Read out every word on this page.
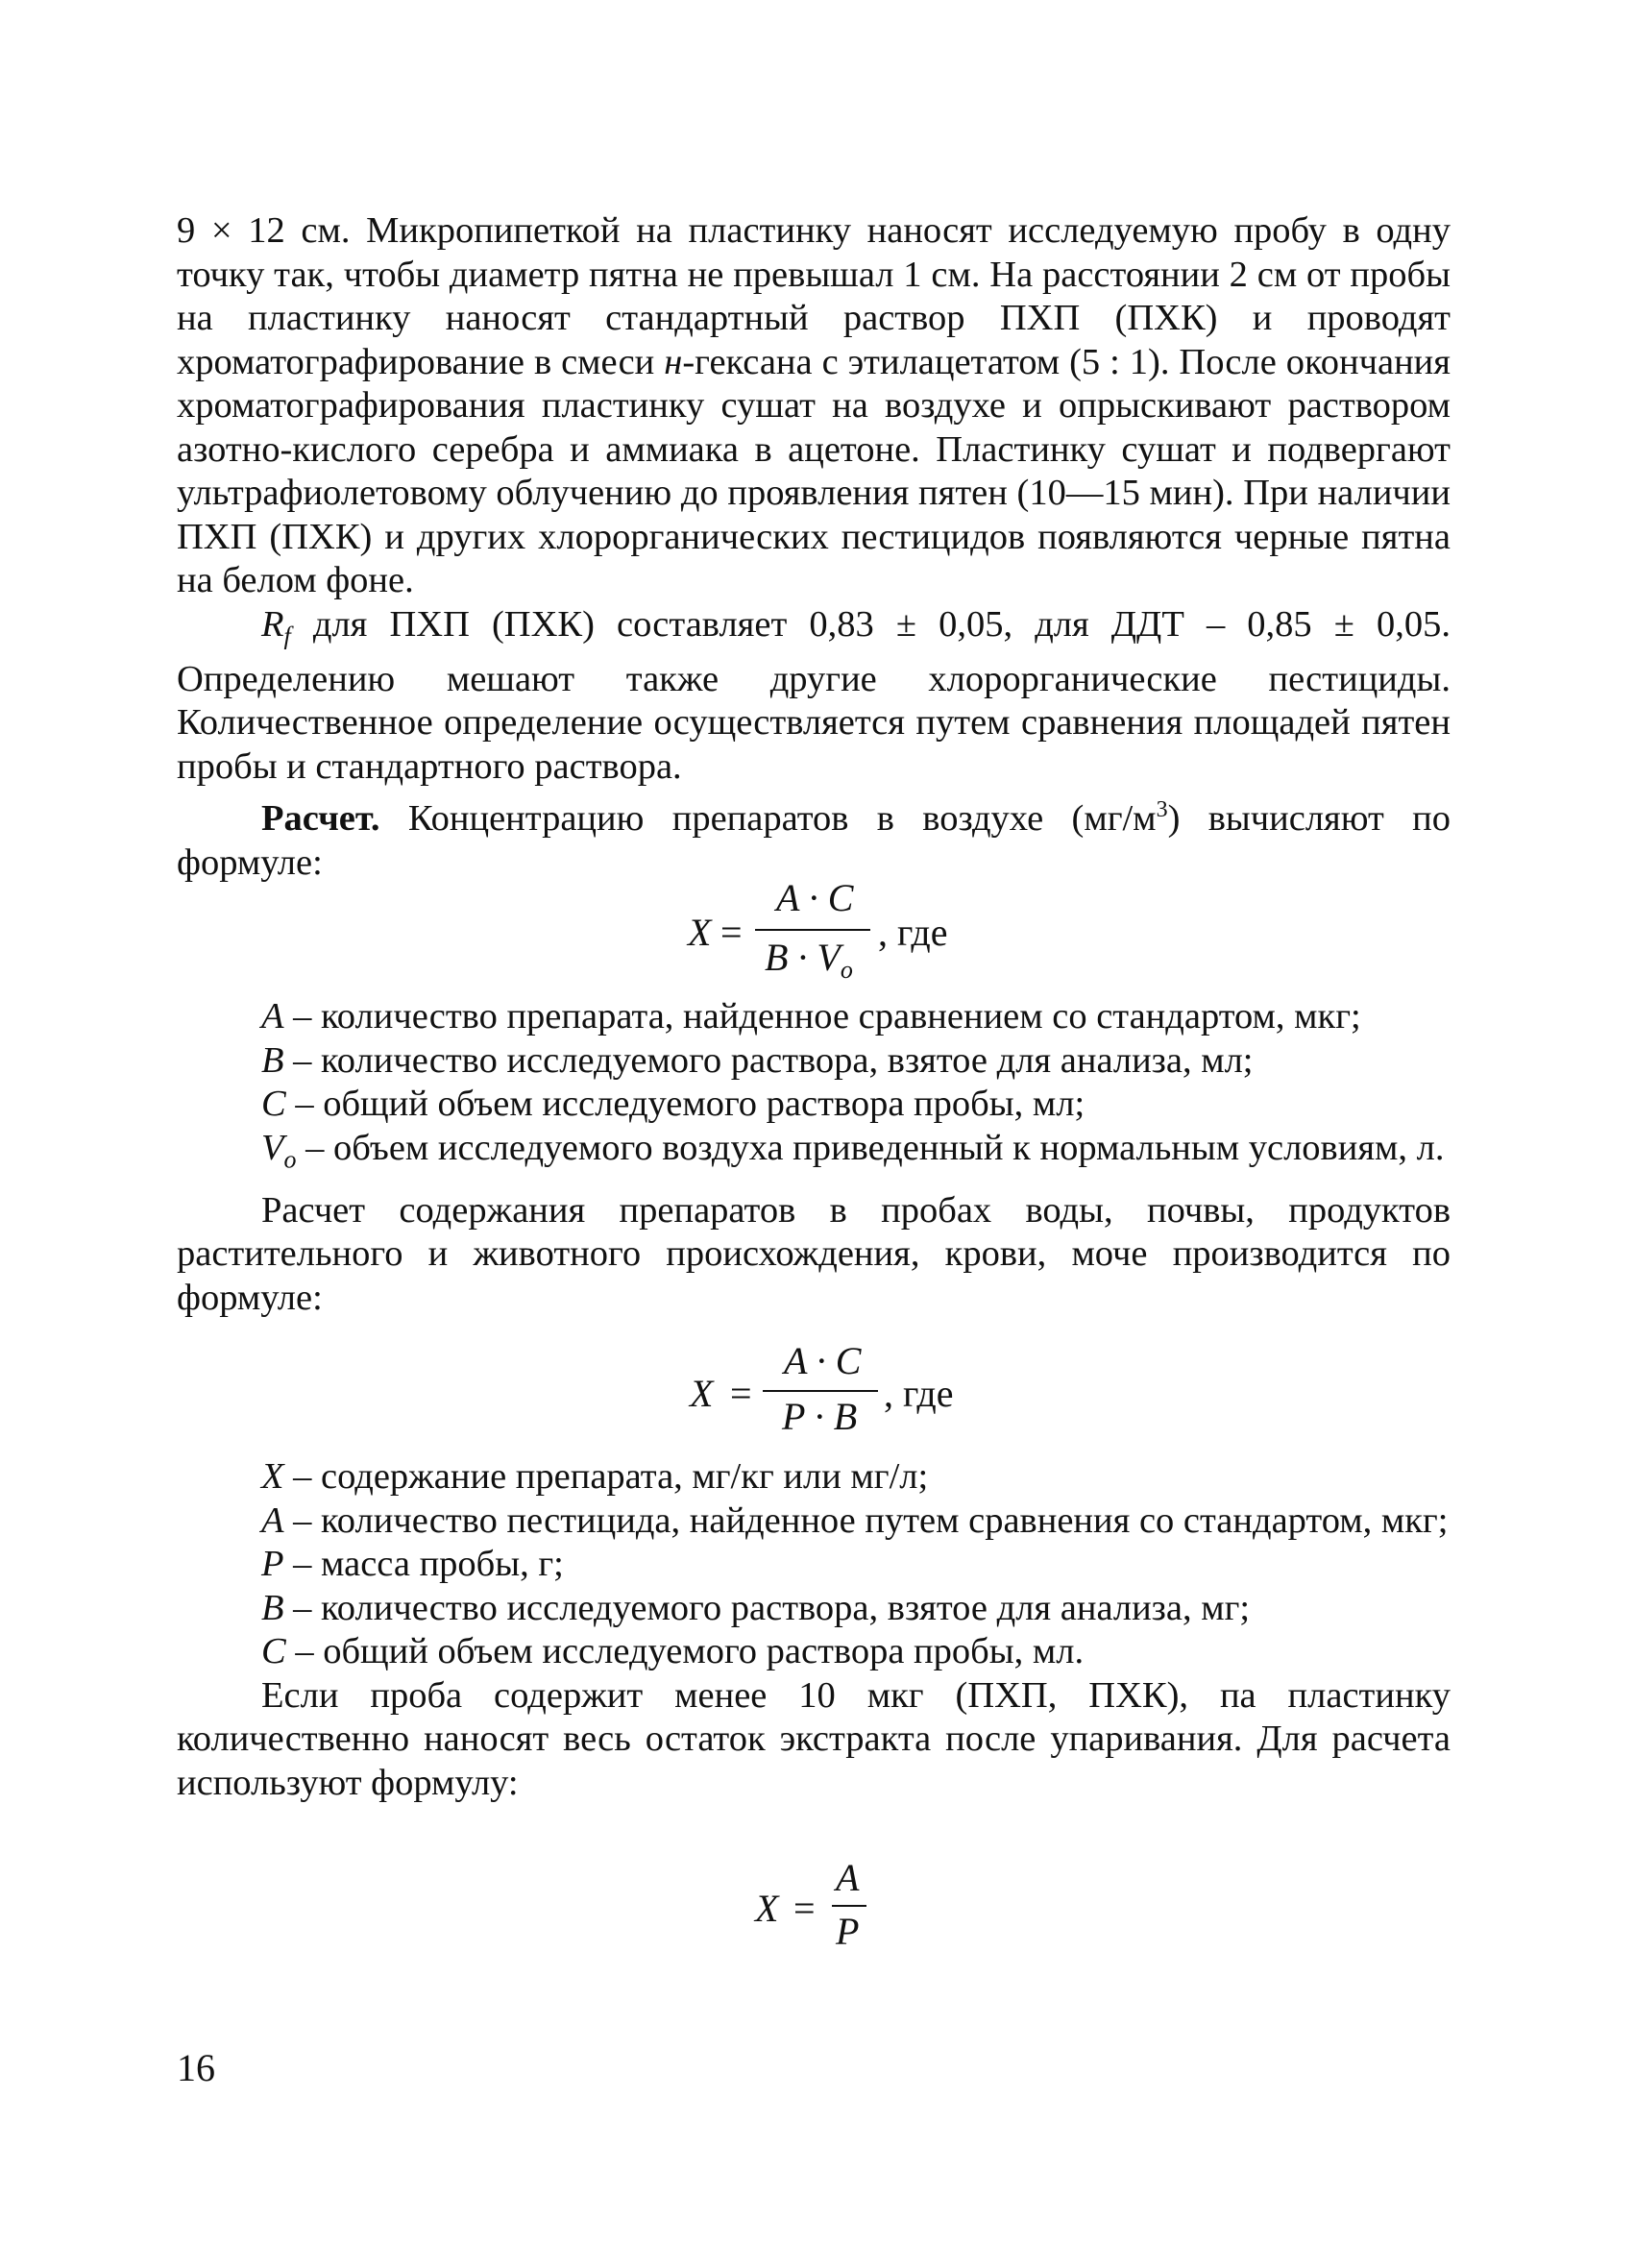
9 × 12 см. Микропипеткой на пластинку наносят исследуемую пробу в одну точку так, чтобы диаметр пятна не превышал 1 см. На расстоянии 2 см от пробы на пластинку наносят стандартный раствор ПХП (ПХК) и проводят хроматографирование в смеси н-гексана с этилацетатом (5 : 1). После окончания хроматографирования пластинку сушат на воздухе и опрыскивают раствором азотно-кислого серебра и аммиака в ацетоне. Пластинку сушат и подвергают ультрафиолетовому облучению до проявления пятен (10—15 мин). При наличии ПХП (ПХК) и других хлорорганических пестицидов появляются черные пятна на белом фоне.

$R_f$ для ПХП (ПХК) составляет 0,83 ± 0,05, для ДДТ – 0,85 ± 0,05. Определению мешают также другие хлорорганические пестициды. Количественное определение осуществляется путем сравнения площадей пятен пробы и стандартного раствора.

Расчет. Концентрацию препаратов в воздухе $(мг/м^3)$ вычисляют по формуле:

X =
A · C
$B \cdot V_o$
, где

A – количество препарата, найденное сравнением со стандартом, мкг;

B – количество исследуемого раствора, взятое для анализа, мл;

C – общий объем исследуемого раствора пробы, мл;

$V_o$ – объем исследуемого воздуха приведенный к нормальным условиям, л.

Расчет содержания препаратов в пробах воды, почвы, продуктов растительного и животного происхождения, крови, моче производится по формуле:

X =
A · C
P · B
, где

X – содержание препарата, мг/кг или мг/л;

A – количество пестицида, найденное путем сравнения со стандартом, мкг;

P – масса пробы, г;

B – количество исследуемого раствора, взятое для анализа, мг;

C – общий объем исследуемого раствора пробы, мл.

Если проба содержит менее 10 мкг (ПХП, ПХК), па пластинку количественно наносят весь остаток экстракта после упаривания. Для расчета используют формулу:

X =
A
P
16
